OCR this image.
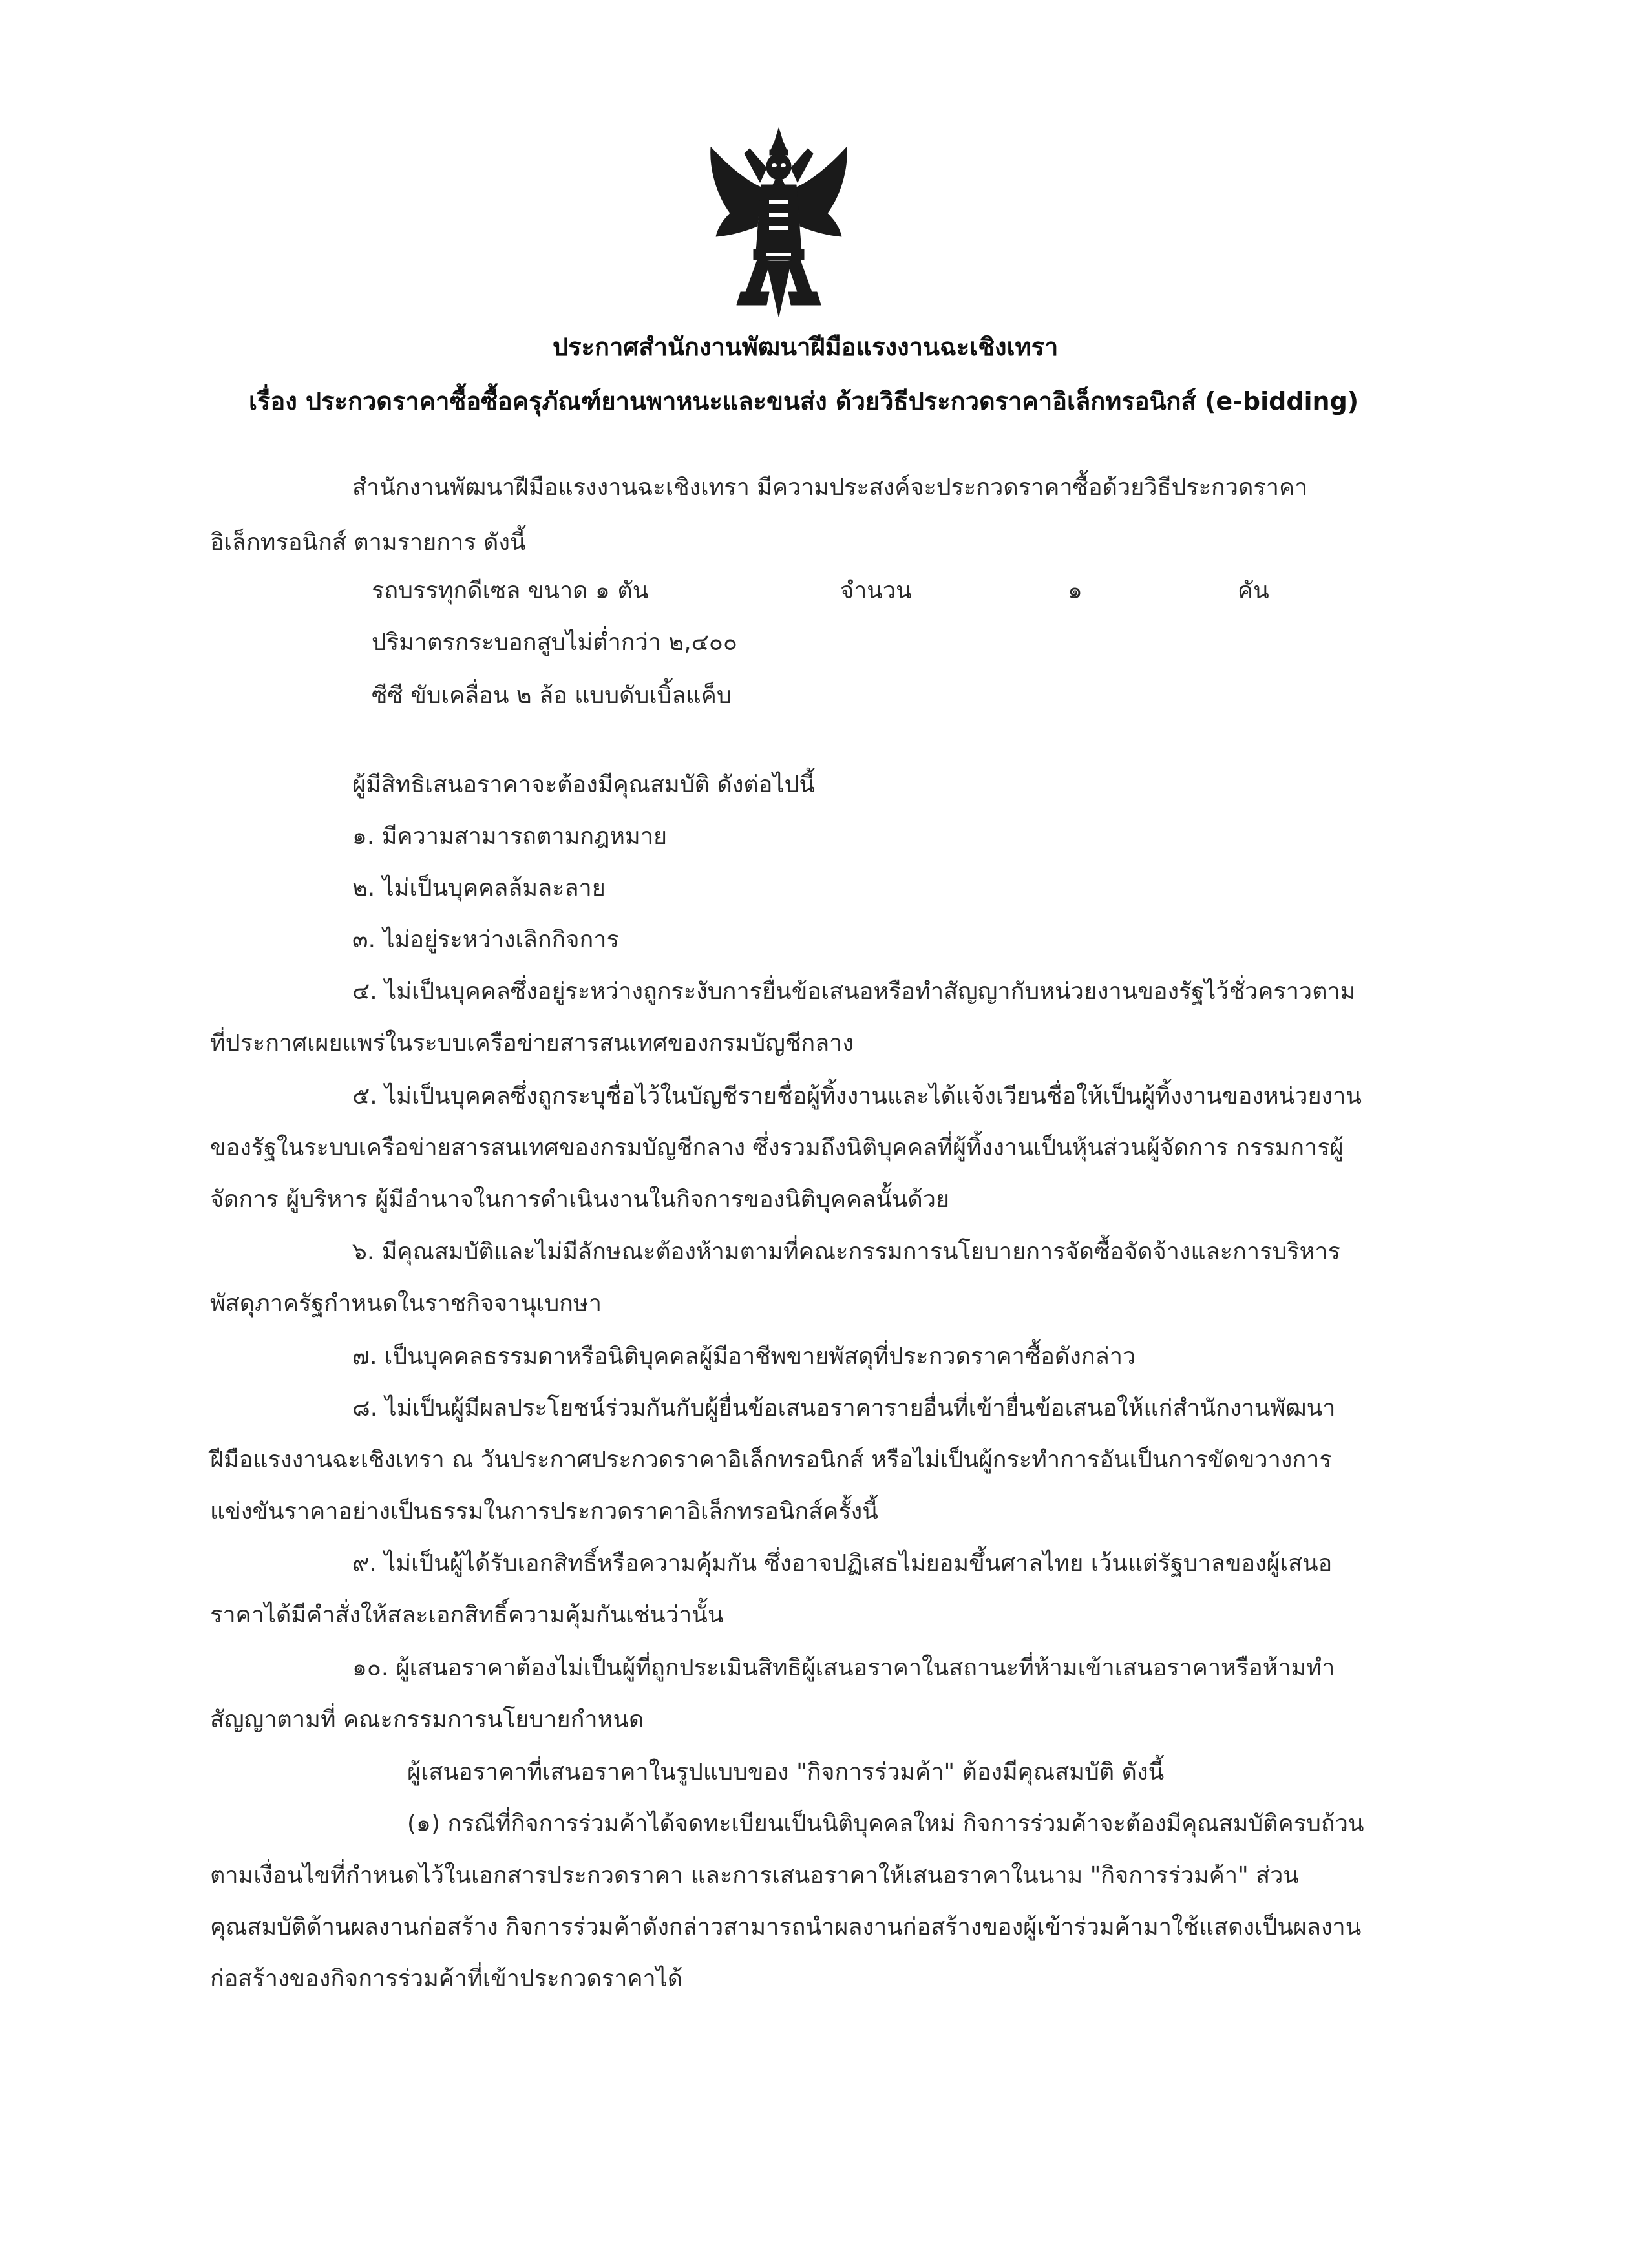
ประกาศสำนักงานพัฒนาฝีมือแรงงานฉะเชิงเทรา
เรื่อง ประกวดราคาซื้อซื้อครุภัณฑ์ยานพาหนะและขนส่ง ด้วยวิธีประกวดราคาอิเล็กทรอนิกส์ (e-bidding)
สำนักงานพัฒนาฝีมือแรงงานฉะเชิงเทรา มีความประสงค์จะประกวดราคาซื้อด้วยวิธีประกวดราคา
อิเล็กทรอนิกส์ ตามรายการ ดังนี้
รถบรรทุกดีเซล ขนาด ๑ ตัน	จำนวน	๑	คัน
ปริมาตรกระบอกสูบไม่ต่ำกว่า ๒,๔๐๐
ซีซี ขับเคลื่อน ๒ ล้อ แบบดับเบิ้ลแค็บ
ผู้มีสิทธิเสนอราคาจะต้องมีคุณสมบัติ ดังต่อไปนี้
๑. มีความสามารถตามกฎหมาย
๒. ไม่เป็นบุคคลล้มละลาย
๓. ไม่อยู่ระหว่างเลิกกิจการ
๔. ไม่เป็นบุคคลซึ่งอยู่ระหว่างถูกระงับการยื่นข้อเสนอหรือทำสัญญากับหน่วยงานของรัฐไว้ชั่วคราวตาม
ที่ประกาศเผยแพร่ในระบบเครือข่ายสารสนเทศของกรมบัญชีกลาง
๕. ไม่เป็นบุคคลซึ่งถูกระบุชื่อไว้ในบัญชีรายชื่อผู้ทิ้งงานและได้แจ้งเวียนชื่อให้เป็นผู้ทิ้งงานของหน่วยงาน
ของรัฐในระบบเครือข่ายสารสนเทศของกรมบัญชีกลาง ซึ่งรวมถึงนิติบุคคลที่ผู้ทิ้งงานเป็นหุ้นส่วนผู้จัดการ กรรมการผู้
จัดการ ผู้บริหาร ผู้มีอำนาจในการดำเนินงานในกิจการของนิติบุคคลนั้นด้วย
๖. มีคุณสมบัติและไม่มีลักษณะต้องห้ามตามที่คณะกรรมการนโยบายการจัดซื้อจัดจ้างและการบริหาร
พัสดุภาครัฐกำหนดในราชกิจจานุเบกษา
๗. เป็นบุคคลธรรมดาหรือนิติบุคคลผู้มีอาชีพขายพัสดุที่ประกวดราคาซื้อดังกล่าว
๘. ไม่เป็นผู้มีผลประโยชน์ร่วมกันกับผู้ยื่นข้อเสนอราคารายอื่นที่เข้ายื่นข้อเสนอให้แก่สำนักงานพัฒนา
ฝีมือแรงงานฉะเชิงเทรา ณ วันประกาศประกวดราคาอิเล็กทรอนิกส์ หรือไม่เป็นผู้กระทำการอันเป็นการขัดขวางการ
แข่งขันราคาอย่างเป็นธรรมในการประกวดราคาอิเล็กทรอนิกส์ครั้งนี้
๙. ไม่เป็นผู้ได้รับเอกสิทธิ์หรือความคุ้มกัน ซึ่งอาจปฏิเสธไม่ยอมขึ้นศาลไทย เว้นแต่รัฐบาลของผู้เสนอ
ราคาได้มีคำสั่งให้สละเอกสิทธิ์ความคุ้มกันเช่นว่านั้น
๑๐. ผู้เสนอราคาต้องไม่เป็นผู้ที่ถูกประเมินสิทธิผู้เสนอราคาในสถานะที่ห้ามเข้าเสนอราคาหรือห้ามทำ
สัญญาตามที่ คณะกรรมการนโยบายกำหนด
ผู้เสนอราคาที่เสนอราคาในรูปแบบของ "กิจการร่วมค้า" ต้องมีคุณสมบัติ ดังนี้
(๑) กรณีที่กิจการร่วมค้าได้จดทะเบียนเป็นนิติบุคคลใหม่ กิจการร่วมค้าจะต้องมีคุณสมบัติครบถ้วน
ตามเงื่อนไขที่กำหนดไว้ในเอกสารประกวดราคา และการเสนอราคาให้เสนอราคาในนาม "กิจการร่วมค้า" ส่วน
คุณสมบัติด้านผลงานก่อสร้าง กิจการร่วมค้าดังกล่าวสามารถนำผลงานก่อสร้างของผู้เข้าร่วมค้ามาใช้แสดงเป็นผลงาน
ก่อสร้างของกิจการร่วมค้าที่เข้าประกวดราคาได้
